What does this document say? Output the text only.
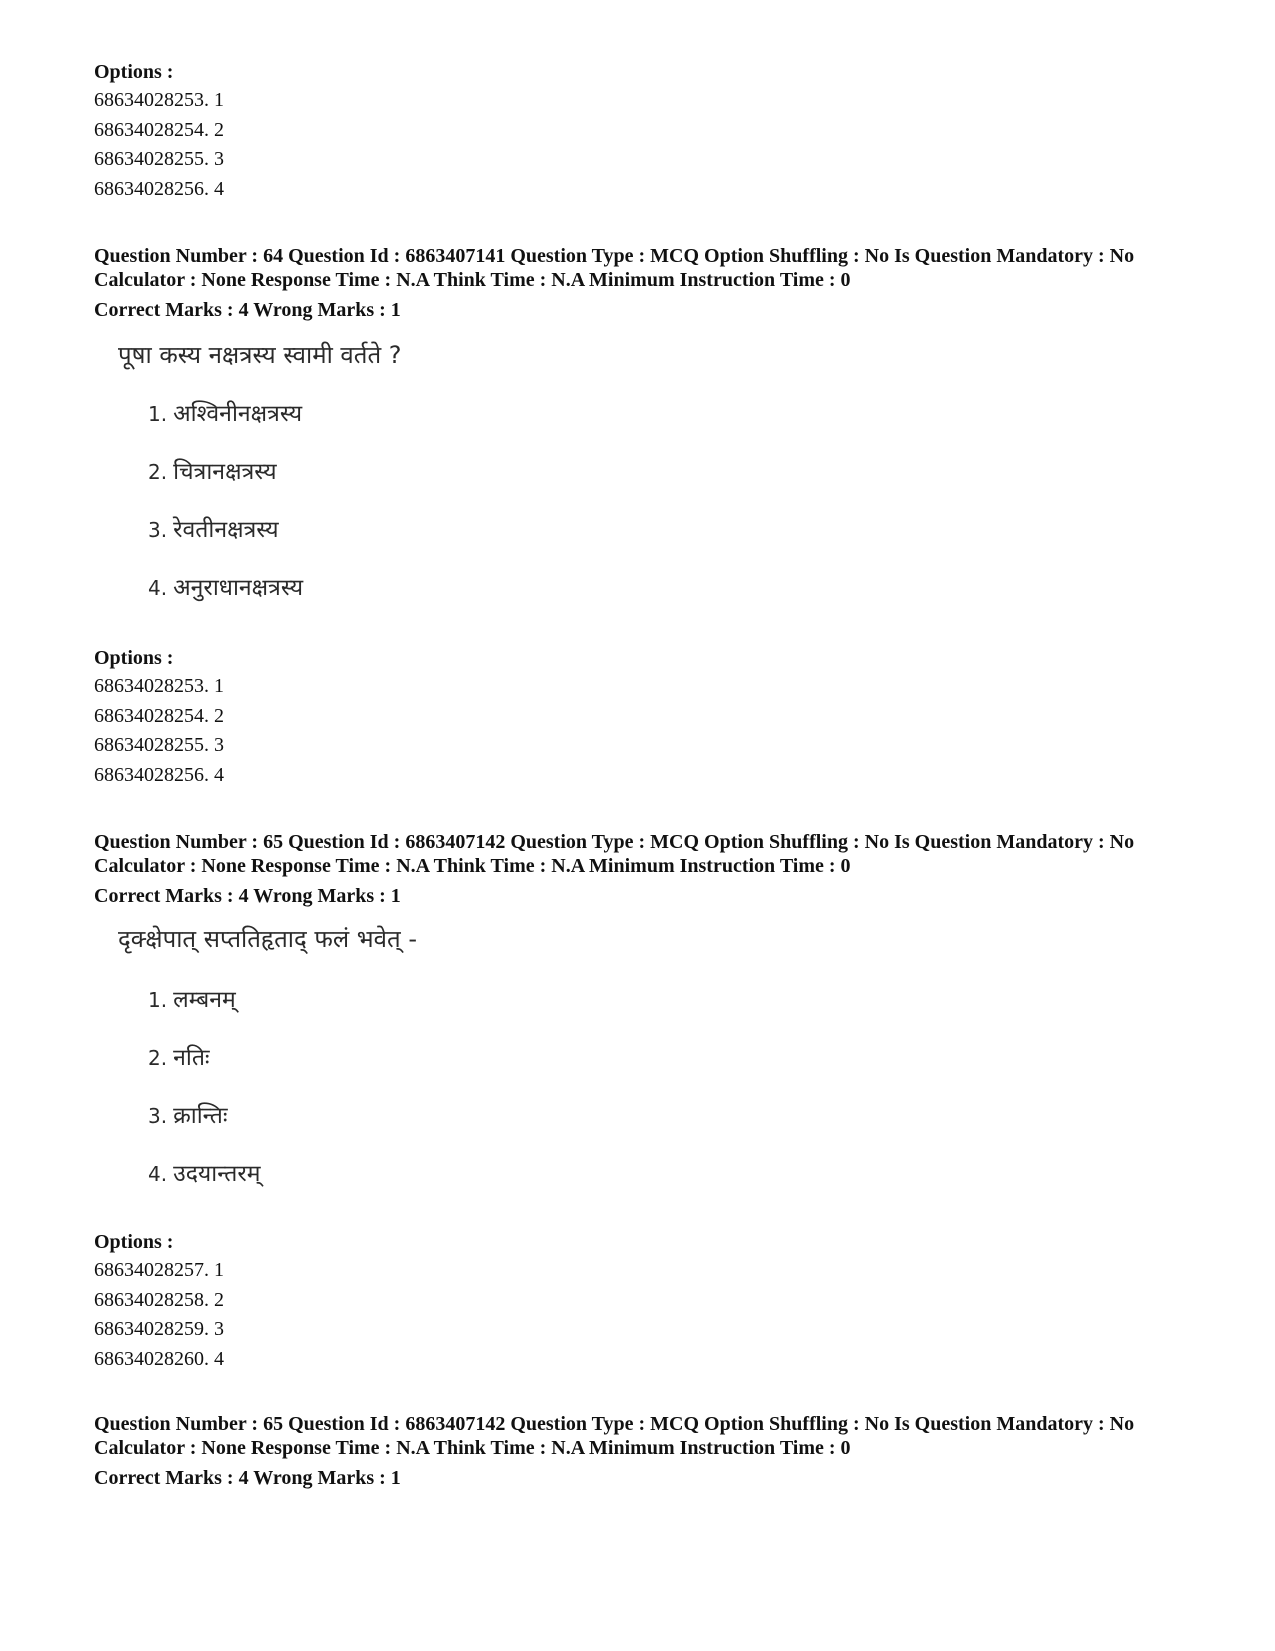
Options :

68634028253. 1

68634028254. 2

68634028255. 3

68634028256. 4

Question Number : 64 Question Id : 6863407141 Question Type : MCQ Option Shuffling : No Is Question Mandatory : No Calculator : None Response Time : N.A Think Time : N.A Minimum Instruction Time : 0

Correct Marks : 4 Wrong Marks : 1

पूषा कस्य नक्षत्रस्य स्वामी वर्तते ?
1. अश्विनीनक्षत्रस्य
2. चित्रानक्षत्रस्य
3. रेवतीनक्षत्रस्य
4. अनुराधानक्षत्रस्य

Options :

68634028253. 1

68634028254. 2

68634028255. 3

68634028256. 4

Question Number : 65 Question Id : 6863407142 Question Type : MCQ Option Shuffling : No Is Question Mandatory : No Calculator : None Response Time : N.A Think Time : N.A Minimum Instruction Time : 0

Correct Marks : 4 Wrong Marks : 1

दृक्क्षेपात् सप्ततिहृताद् फलं भवेत् -
1. लम्बनम्
2. नतिः
3. क्रान्तिः
4. उदयान्तरम्

Options :

68634028257. 1

68634028258. 2

68634028259. 3

68634028260. 4

Question Number : 65 Question Id : 6863407142 Question Type : MCQ Option Shuffling : No Is Question Mandatory : No Calculator : None Response Time : N.A Think Time : N.A Minimum Instruction Time : 0

Correct Marks : 4 Wrong Marks : 1
